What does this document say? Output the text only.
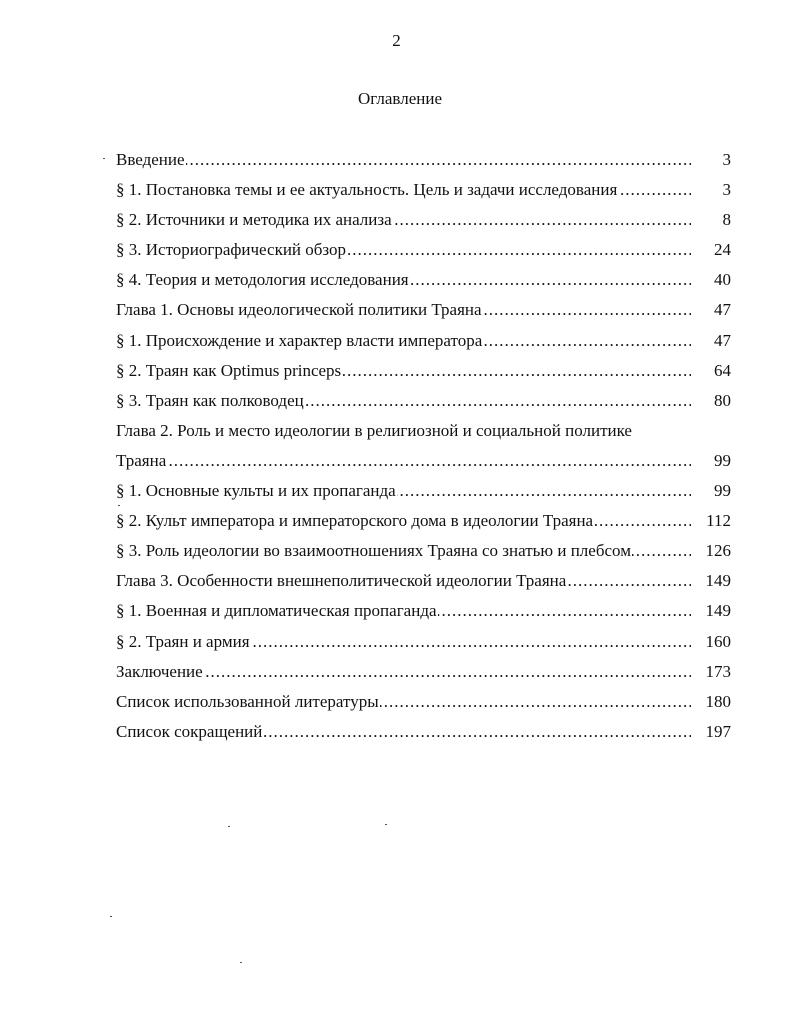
2
Оглавление
.....
Введение	3
.....
§ 1. Постановка темы и ее актуальность. Цель и задачи исследования	3
.....
§ 2. Источники и методика их анализа	8
.....
§ 3. Историографический обзор	24
.....
§ 4. Теория и методология исследования	40
.....
Глава 1. Основы идеологической политики Траяна	47
.....
§ 1. Происхождение и характер власти императора	47
.....
§ 2. Траян как Optimus princeps	64
.....
§ 3. Траян как полководец	80
Глава 2. Роль и место идеологии в религиозной и социальной политике
.....
Траяна	99
.....
§ 1. Основные культы и их пропаганда	99
.....
§ 2. Культ императора и императорского дома в идеологии Траяна	112
.....
§ 3. Роль идеологии во взаимоотношениях Траяна со знатью и плебсом	126
.....
Глава 3. Особенности внешнеполитической идеологии Траяна	149
.....
§ 1. Военная и дипломатическая пропаганда	149
.....
§ 2. Траян и армия	160
.....
Заключение	173
.....
Список использованной литературы	180
.....
Список сокращений	197
